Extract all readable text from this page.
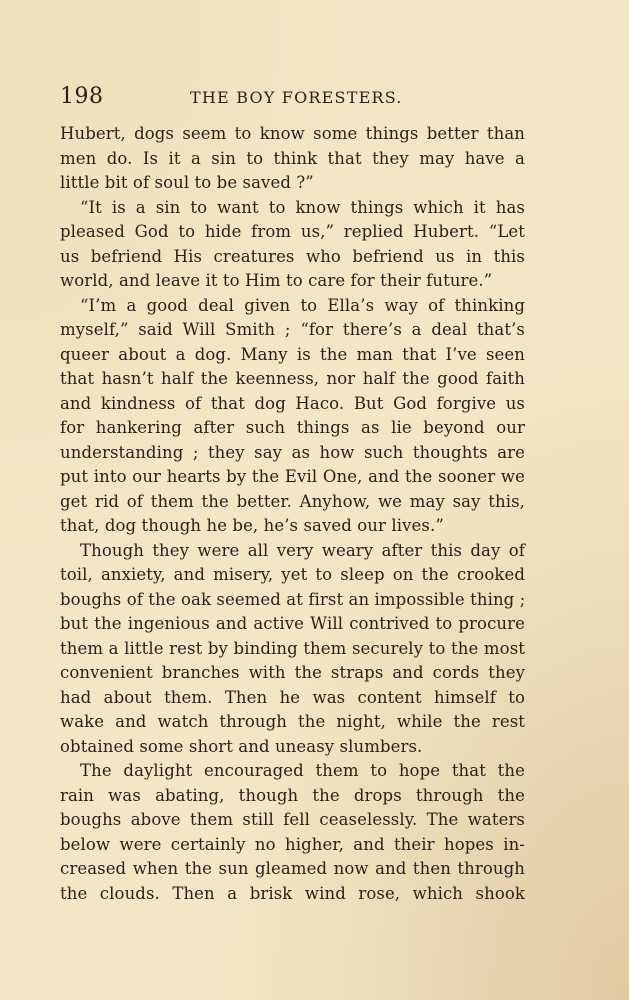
198	THE BOY FORESTERS.
Hubert, dogs seem to know some things better than
men do. Is it a sin to think that they may have a
little bit of soul to be saved ?”
“It is a sin to want to know things which it has
pleased God to hide from us,” replied Hubert. “Let
us befriend His creatures who befriend us in this
world, and leave it to Him to care for their future.”
“I’m a good deal given to Ella’s way of thinking
myself,” said Will Smith ; “for there’s a deal that’s
queer about a dog. Many is the man that I’ve seen
that hasn’t half the keenness, nor half the good faith
and kindness of that dog Haco. But God forgive us
for hankering after such things as lie beyond our
understanding ; they say as how such thoughts are
put into our hearts by the Evil One, and the sooner we
get rid of them the better. Anyhow, we may say this,
that, dog though he be, he’s saved our lives.”
Though they were all very weary after this day of
toil, anxiety, and misery, yet to sleep on the crooked
boughs of the oak seemed at first an impossible thing ;
but the ingenious and active Will contrived to procure
them a little rest by binding them securely to the most
convenient branches with the straps and cords they
had about them. Then he was content himself to
wake and watch through the night, while the rest
obtained some short and uneasy slumbers.
The daylight encouraged them to hope that the
rain was abating, though the drops through the
boughs above them still fell ceaselessly. The waters
below were certainly no higher, and their hopes in-
creased when the sun gleamed now and then through
the clouds. Then a brisk wind rose, which shook
